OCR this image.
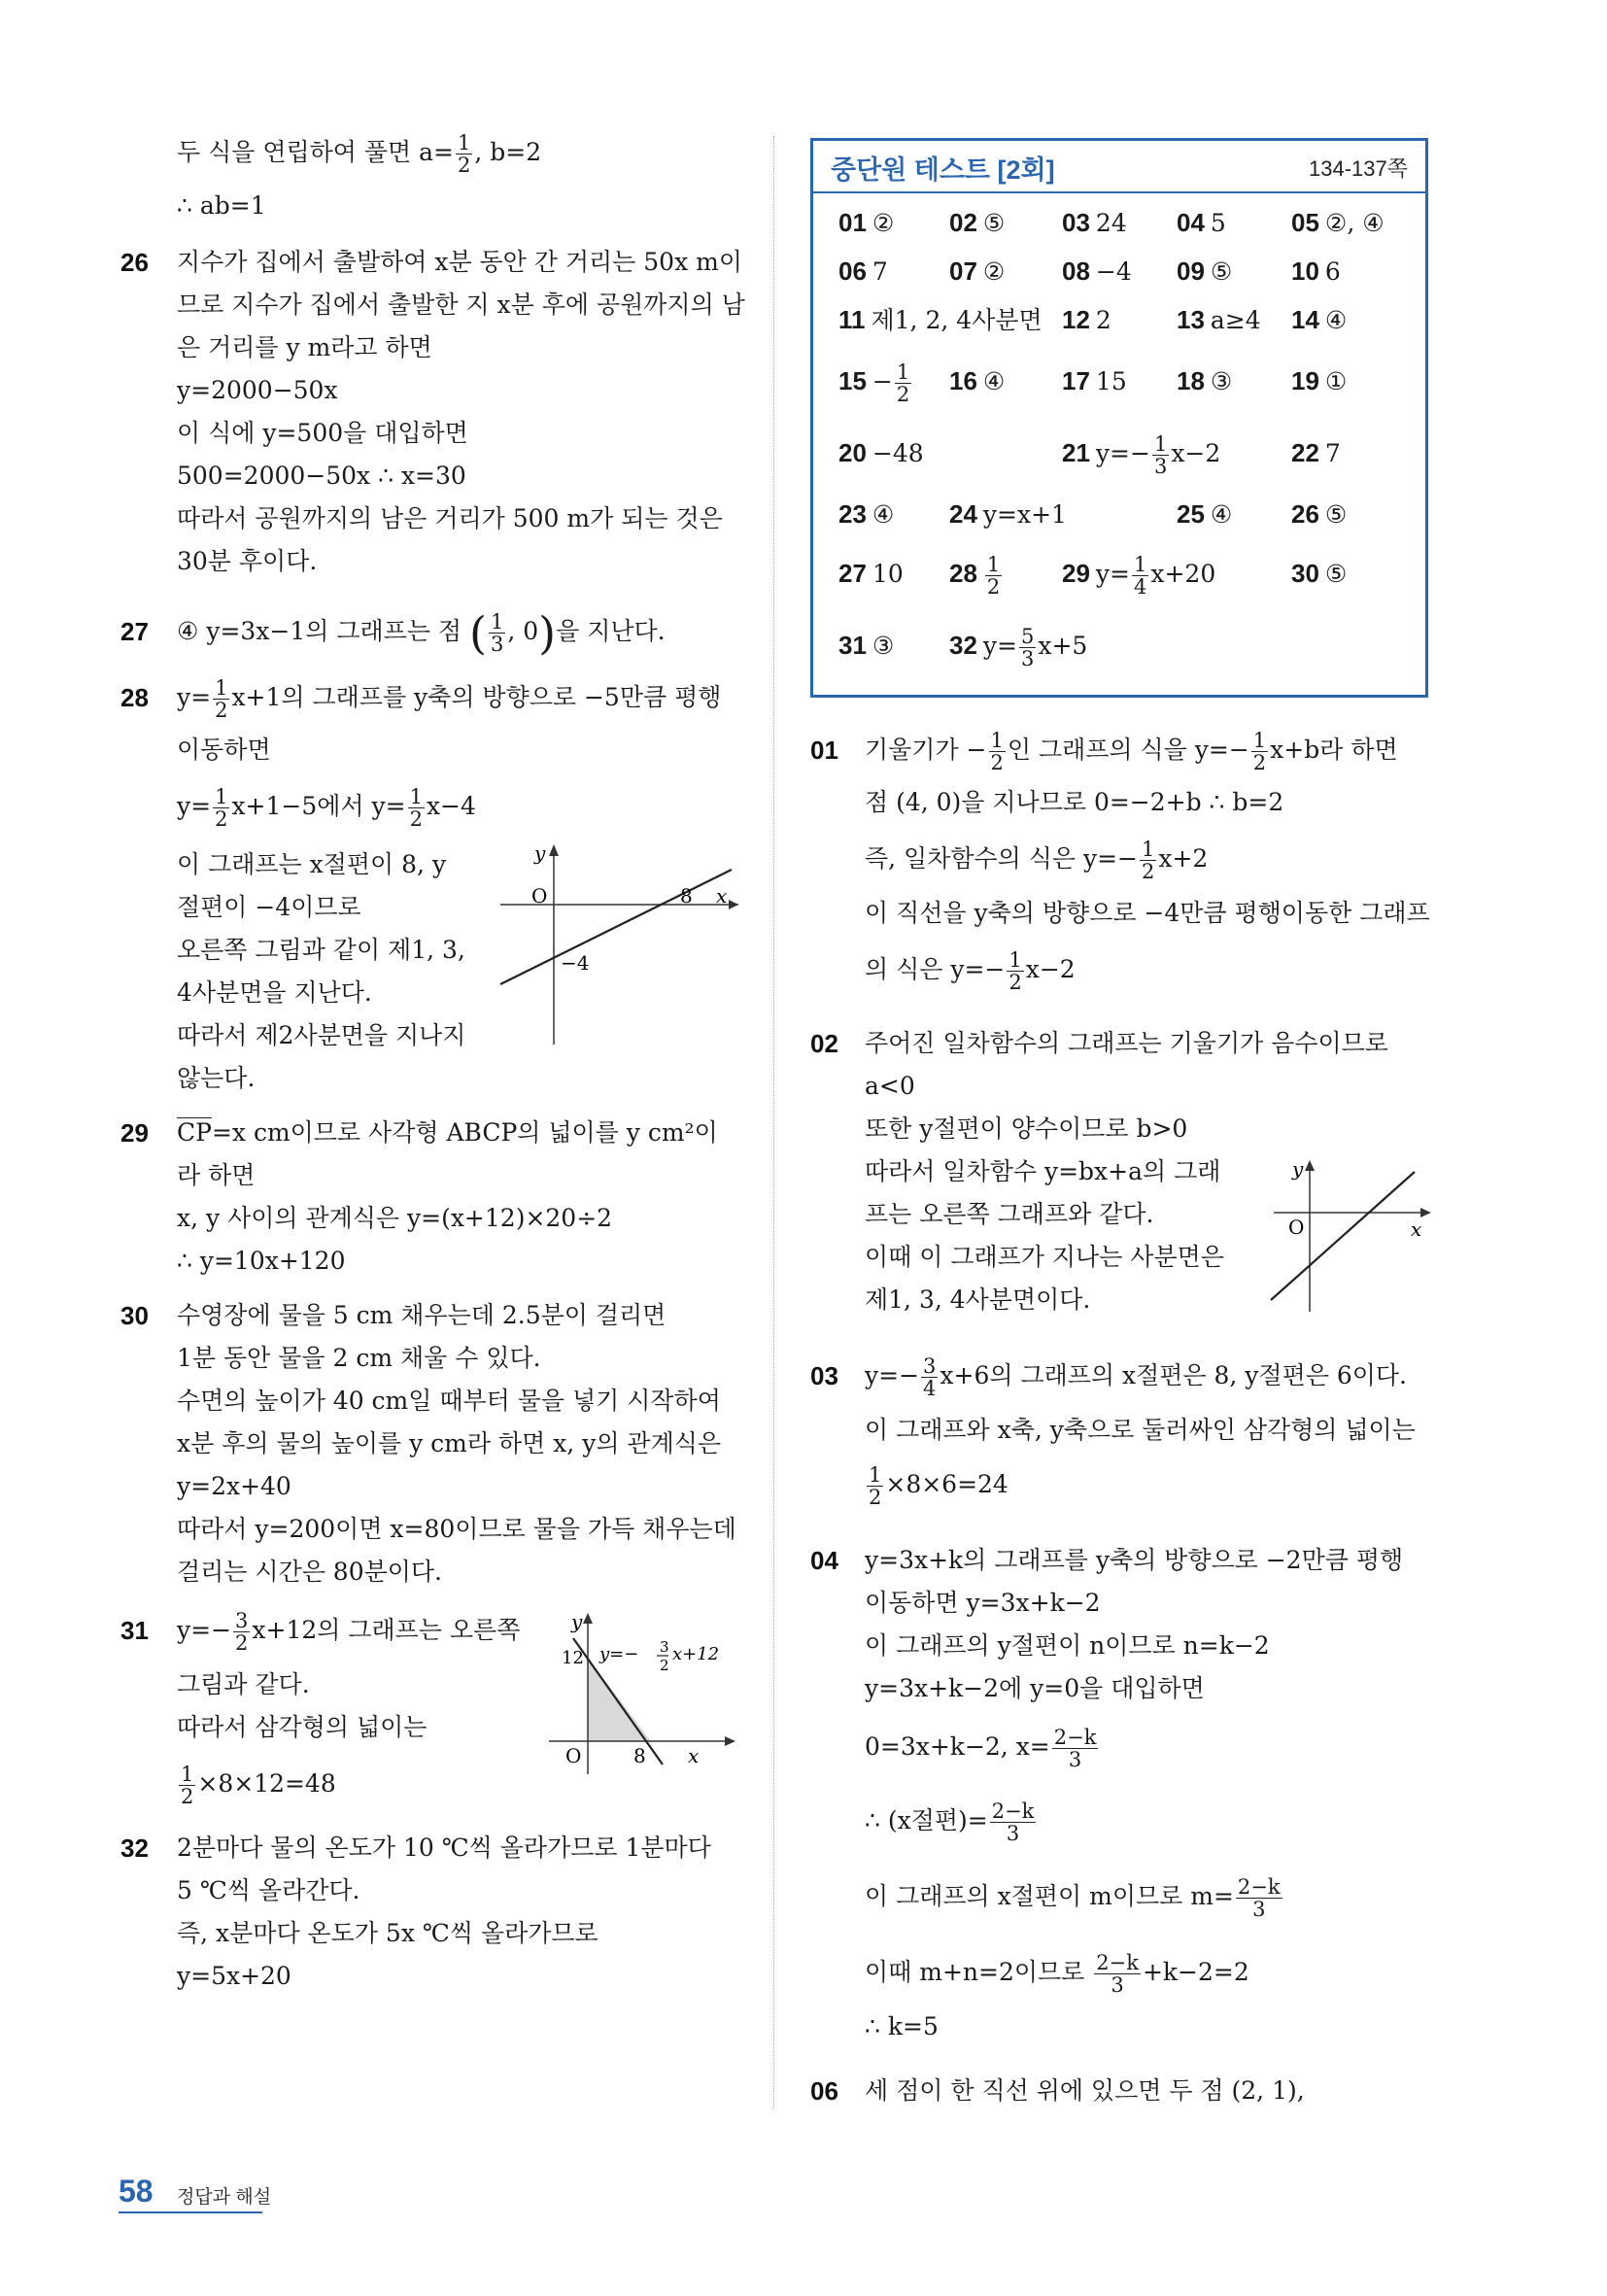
두 식을 연립하여 풀면 $a= \frac{1}{2}$ , b=2
∴ ab=1
26 지수가 집에서 출발하여 x분 동안 간 거리는 50x m이
므로 지수가 집에서 출발한 지 x분 후에 공원까지의 남
은 거리를 y m라고 하면
y=2000−50x
이 식에 y=500을 대입하면
500=2000−50x ∴ x=30
따라서 공원까지의 남은 거리가 500 m가 되는 것은
30분 후이다.
27 ④ y=3x−1의 그래프는 점 ( $\frac{1}{3}$ , 0)을 지난다.
28 $y= \frac{1}{2} x+1$의 그래프를 y축의 방향으로 −5만큼 평행
이동하면
$y= \frac{1}{2} x+1-5$에서 $y= \frac{1}{2} x-4$
이 그래프는 x절편이 8, y
절편이 −4이므로
오른쪽 그림과 같이 제1, 3,
4사분면을 지난다.
따라서 제2사분면을 지나지
않는다.
O	8
−4
x
y
29 CP=x cm이므로 사각형 ABCP의 넓이를 y cm²이
라 하면
x, y 사이의 관계식은 y=(x+12)×20÷2
∴ y=10x+120
30 수영장에 물을 5 cm 채우는데 2.5분이 걸리면
1분 동안 물을 2 cm 채울 수 있다.
수면의 높이가 40 cm일 때부터 물을 넣기 시작하여
x분 후의 물의 높이를 y cm라 하면 x, y의 관계식은
y=2x+40
따라서 y=200이면 x=80이므로 물을 가득 채우는데
걸리는 시간은 80분이다.
31 $y=- \frac{3}{2} x+12$의 그래프는 오른쪽
그림과 같다.
따라서 삼각형의 넓이는
$\frac{1}{2} \times 8\times 12=48$
O	8
12
x
y
y=− 3
2
x+12
32 2분마다 물의 온도가 10 ℃씩 올라가므로 1분마다
5 ℃씩 올라간다.
즉, x분마다 온도가 5x ℃씩 올라가므로
y=5x+20
중단원 테스트 [2회]	134-137쪽
01 ② 02 ⑤ 03 24 04 5	05 ②, ④
06 7 07 ② 08 −4 09 ⑤ 10 6
11 제1, 2, 4사분면 12 2	13 a≥4 14 ④
$15 - \frac{1}{2} 16$ ④ 17 15 18 ③ 19 ①
20 −48	21 $y=- \frac{1}{3} x-2$	22 7
23 ④ 24 y=x+1	25 ④ 26 ⑤
27 10 $28 \frac{1}{2} 29$ $y= \frac{1}{4} x+20$	30 ⑤
31 ③ 32 $y= \frac{5}{3} x+5$
01 기울기가 − $\frac{1}{2}$ 인 그래프의 식을 $y=- \frac{1}{2} x+b$라 하면
점 (4, 0)을 지나므로 0=−2+b ∴ b=2
즉, 일차함수의 식은 $y=- \frac{1}{2} x+2$
이 직선을 y축의 방향으로 −4만큼 평행이동한 그래프
의 식은 $y=- \frac{1}{2} x-2$
02 주어진 일차함수의 그래프는 기울기가 음수이므로
a<0
또한 y절편이 양수이므로 b>0
따라서 일차함수 y=bx+a의 그래
프는 오른쪽 그래프와 같다.
이때 이 그래프가 지나는 사분면은
제1, 3, 4사분면이다.
O	x
y
03 $y=- \frac{3}{4} x+6$의 그래프의 x절편은 8, y절편은 6이다.
이 그래프와 x축, y축으로 둘러싸인 삼각형의 넓이는
$\frac{1}{2} \times 8\times 6=24$
04 y=3x+k의 그래프를 y축의 방향으로 −2만큼 평행
이동하면 y=3x+k−2
이 그래프의 y절편이 n이므로 n=k−2
y=3x+k−2에 y=0을 대입하면
0=3x+k−2, $x= \frac{2-k}{3}$
∴ (x절편)= $\frac{2-k}{3}$
이 그래프의 x절편이 m이므로 $m= \frac{2-k}{3}$
이때 m+n=2이므로 $\frac{2-k}{3} +k-2=2$
∴ k=5
06 세 점이 한 직선 위에 있으면 두 점 (2, 1),
58 정답과 해설
